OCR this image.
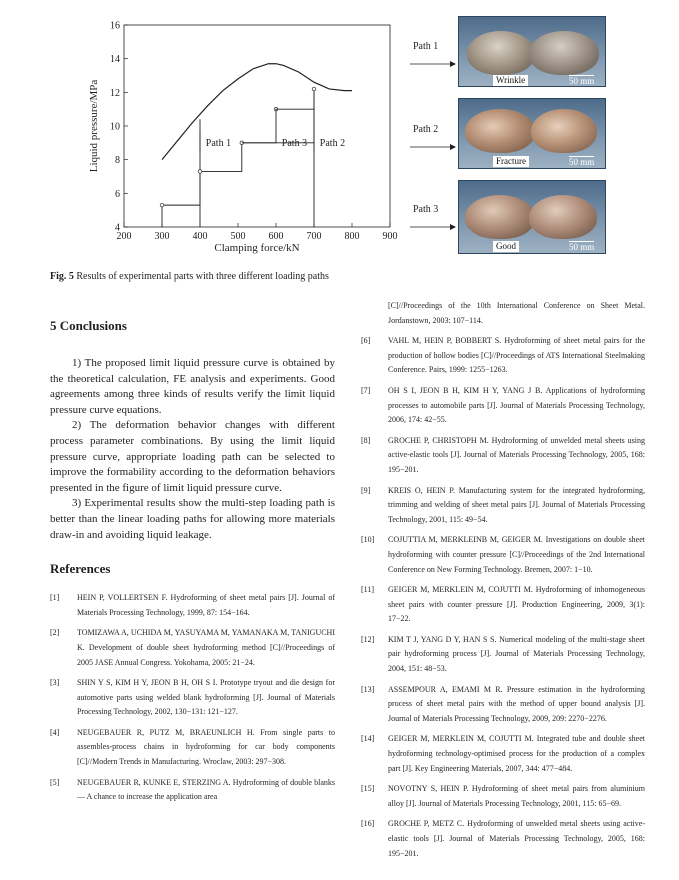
200 300 400 500 600 700 800 900
4
6
8
10
12
14
16
Clamping force/kN
Liquid pressure/MPa	Path 1	Path 3 Path 2
Path 1
Path 2
Path 3
Wrinkle	50 mm
Fracture	50 mm
Good	50 mm
Fig. 5 Results of experimental parts with three different loading paths
5 Conclusions

1) The proposed limit liquid pressure curve is obtained by the theoretical calculation, FE analysis and experiments. Good agreements among three kinds of results verify the limit liquid pressure curve equations.

2) The deformation behavior changes with different process parameter combinations. By using the limit liquid pressure curve, appropriate loading path can be selected to improve the formability according to the deformation behaviors presented in the figure of limit liquid pressure curve.

3) Experimental results show the multi-step loading path is better than the linear loading paths for allowing more materials draw-in and avoiding liquid leakage.

References
[1] HEIN P, VOLLERTSEN F. Hydroforming of sheet metal pairs [J]. Journal of Materials Processing Technology, 1999, 87: 154−164.
[2] TOMIZAWA A, UCHIDA M, YASUYAMA M, YAMANAKA M, TANIGUCHI K. Development of double sheet hydroforming method [C]//Proceedings of 2005 JASE Annual Congress. Yokohama, 2005: 21−24.
[3] SHIN Y S, KIM H Y, JEON B H, OH S I. Prototype tryout and die design for automotive parts using welded blank hydroforming [J]. Journal of Materials Processing Technology, 2002, 130−131: 121−127.
[4] NEUGEBAUER R, PUTZ M, BRAEUNLICH H. From single parts to assembles-process chains in hydroforming for car body components [C]//Modern Trends in Manufacturing. Wroclaw, 2003: 297−308.
[5] NEUGEBAUER R, KUNKE E, STERZING A. Hydroforming of double blanks — A chance to increase the application area

[C]//Proceedings of the 10th International Conference on Sheet Metal. Jordanstown, 2003: 107−114.

[6] VAHL M, HEIN P, BOBBERT S. Hydroforming of sheet metal pairs for the production of hollow bodies [C]//Proceedings of ATS International Steelmaking Conference. Pairs, 1999: 1255−1263.
[7] OH S I, JEON B H, KIM H Y, YANG J B. Applications of hydroforming processes to automobile parts [J]. Journal of Materials Processing Technology, 2006, 174: 42−55.
[8] GROCHE P, CHRISTOPH M. Hydroforming of unwelded metal sheets using active-elastic tools [J]. Journal of Materials Processing Technology, 2005, 168: 195−201.
[9] KREIS O, HEIN P. Manufacturing system for the integrated hydroforming, trimming and welding of sheet metal pairs [J]. Journal of Materials Processing Technology, 2001, 115: 49−54.
[10] COJUTTIA M, MERKLEINB M, GEIGER M. Investigations on double sheet hydroforming with counter pressure [C]//Proceedings of the 2nd International Conference on New Forming Technology. Bremen, 2007: 1−10.
[11] GEIGER M, MERKLEIN M, COJUTTI M. Hydroforming of inhomogeneous sheet pairs with counter pressure [J]. Production Engineering, 2009, 3(1): 17−22.
[12] KIM T J, YANG D Y, HAN S S. Numerical modeling of the multi-stage sheet pair hydroforming process [J]. Journal of Materials Processing Technology, 2004, 151: 48−53.
[13] ASSEMPOUR A, EMAMI M R. Pressure estimation in the hydroforming process of sheet metal pairs with the method of upper bound analysis [J]. Journal of Materials Processing Technology, 2009, 209: 2270−2276.
[14] GEIGER M, MERKLEIN M, COJUTTI M. Integrated tube and double sheet hydroforming technology-optimised process for the production of a complex part [J]. Key Engineering Materials, 2007, 344: 477−484.
[15] NOVOTNY S, HEIN P. Hydroforming of sheet metal pairs from aluminium alloy [J]. Journal of Materials Processing Technology, 2001, 115: 65−69.
[16] GROCHE P, METZ C. Hydroforming of unwelded metal sheets using active-elastic tools [J]. Journal of Materials Processing Technology, 2005, 168: 195−201.
